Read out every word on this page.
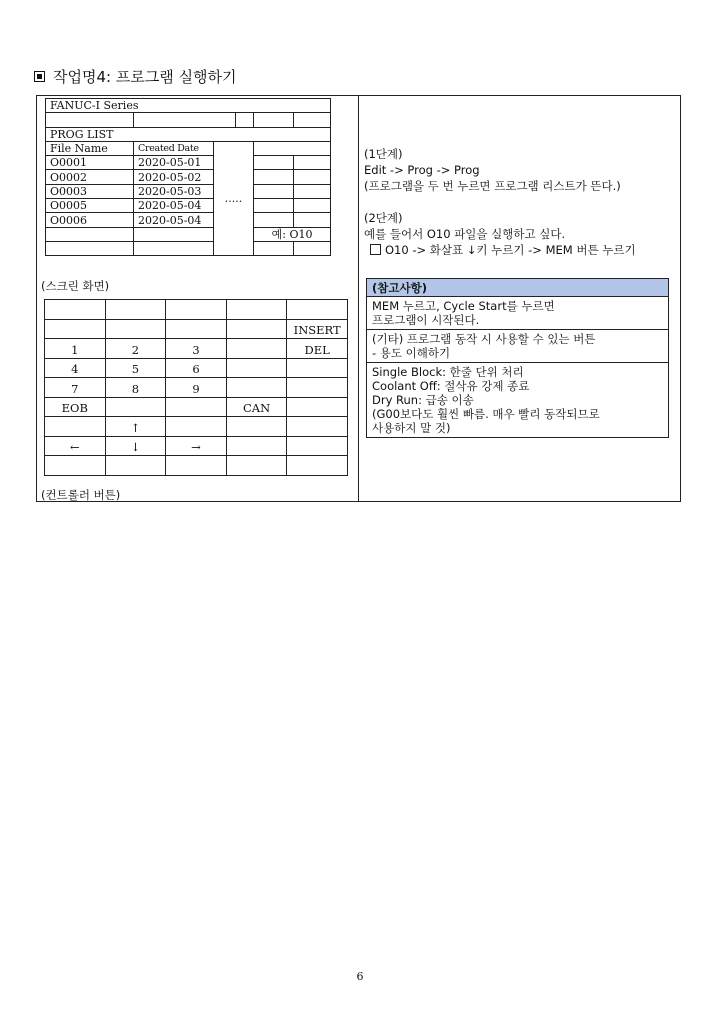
작업명4: 프로그램 실행하기
FANUC-I Series					

PROG LIST					
File Name	Created Date	.....			
O0001	2020-05-01				
O0002	2020-05-02				
O0003	2020-05-03				
O0005	2020-05-04				
O0006	2020-05-04				
				예: O10	

(스크린 화면)

				INSERT
1	2	3		DEL
4	5	6		
7	8	9		
EOB			CAN	
	↑			
←	↓	→		

(컨트롤러 버튼)
(1단계)
Edit -> Prog -> Prog
(프로그램을 두 번 누르면 프로그램 리스트가 뜬다.)
(2단계)
예를 들어서 O10 파일을 실행하고 싶다.
O10 -> 화살표 ↓키 누르기 -> MEM 버튼 누르기
(참고사항)
MEM 누르고, Cycle Start를 누르면
프로그램이 시작된다.
(기타) 프로그램 동작 시 사용할 수 있는 버튼
- 용도 이해하기
Single Block: 한줄 단위 처리
Coolant Off: 절삭유 강제 종료
Dry Run: 급송 이송
(G00보다도 훨씬 빠름. 매우 빨리 동작되므로
사용하지 말 것)
6
